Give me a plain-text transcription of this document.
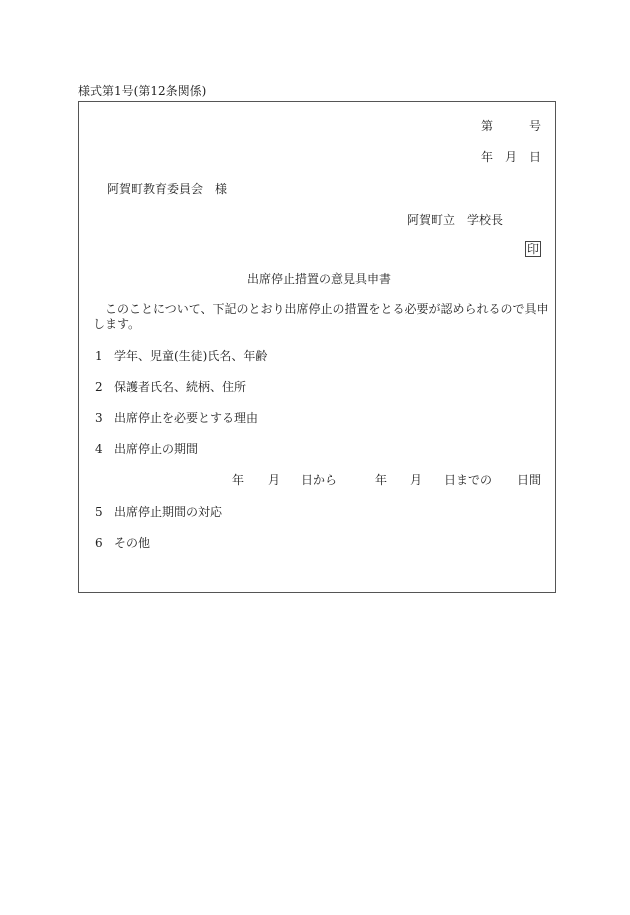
様式第1号(第12条関係)
第	号
年 月 日
阿賀町教育委員会　様
阿賀町立　学校長
印
出席停止措置の意見具申書
このことについて、下記のとおり出席停止の措置をとる必要が認められるので具申します。
1 学年、児童(生徒)氏名、年齢
2 保護者氏名、続柄、住所
3 出席停止を必要とする理由
4 出席停止の期間
年 月 日から	年 月 日までの 日間
5 出席停止期間の対応
6 その他
